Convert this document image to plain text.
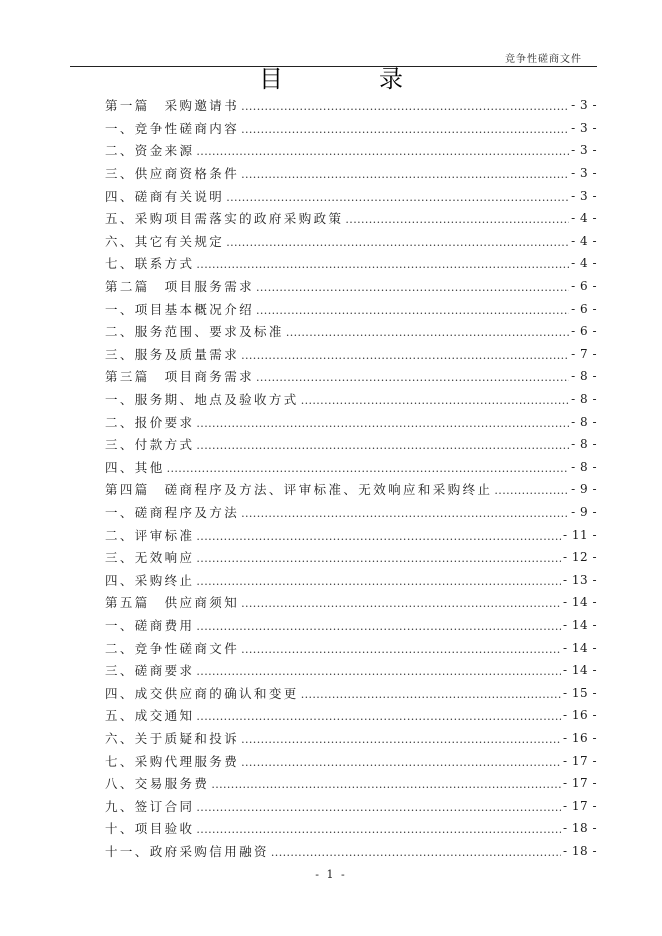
竞争性磋商文件
目　录
第一篇　采购邀请书 .....	- 3 -
一、竞争性磋商内容 .....	- 3 -
二、资金来源 .....	- 3 -
三、供应商资格条件 .....	- 3 -
四、磋商有关说明 .....	- 3 -
五、采购项目需落实的政府采购政策 .....	- 4 -
六、其它有关规定 .....	- 4 -
七、联系方式 .....	- 4 -
第二篇　项目服务需求 .....	- 6 -
一、项目基本概况介绍 .....	- 6 -
二、服务范围、要求及标准 .....	- 6 -
三、服务及质量需求 .....	- 7 -
第三篇　项目商务需求 .....	- 8 -
一、服务期、地点及验收方式 .....	- 8 -
二、报价要求 .....	- 8 -
三、付款方式 .....	- 8 -
四、其他 .....	- 8 -
第四篇　磋商程序及方法、评审标准、无效响应和采购终止 .....	- 9 -
一、磋商程序及方法 .....	- 9 -
二、评审标准 .....	- 11 -
三、无效响应 .....	- 12 -
四、采购终止 .....	- 13 -
第五篇　供应商须知 .....	- 14 -
一、磋商费用 .....	- 14 -
二、竞争性磋商文件 .....	- 14 -
三、磋商要求 .....	- 14 -
四、成交供应商的确认和变更 .....	- 15 -
五、成交通知 .....	- 16 -
六、关于质疑和投诉 .....	- 16 -
七、采购代理服务费 .....	- 17 -
八、交易服务费 .....	- 17 -
九、签订合同 .....	- 17 -
十、项目验收 .....	- 18 -
十一、政府采购信用融资 .....	- 18 -
- 1 -
